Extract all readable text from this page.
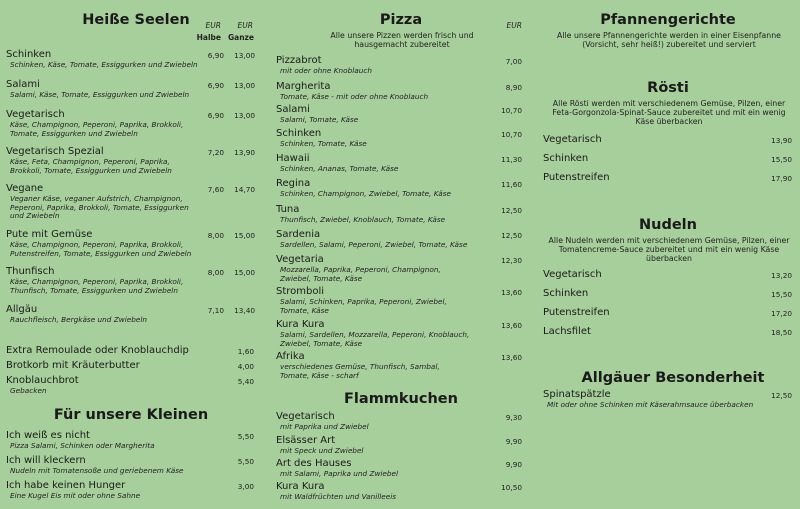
Heiße Seelen	EUR	EUR
Halbe Ganze
Schinken
Schinken, Käse, Tomate, Essiggurken und Zwiebeln
6,90	13,00
Salami
Salami, Käse, Tomate, Essiggurken und Zwiebeln
6,90	13,00
Vegetarisch
Käse, Champignon, Peperoni, Paprika, Brokkoli, Tomate, Essiggurken und Zwiebeln
6,90	13,00
Vegetarisch Spezial
Käse, Feta, Champignon, Peperoni, Paprika, Brokkoli, Tomate, Essiggurken und Zwiebeln
7,20	13,90
Vegane
Veganer Käse, veganer Aufstrich, Champignon, Peperoni, Paprika, Brokkoli, Tomate, Essiggurken und Zwiebeln
7,60	14,70
Pute mit Gemüse
Käse, Champignon, Peperoni, Paprika, Brokkoli, Putenstreifen, Tomate, Essiggurken und Zwiebeln
8,00	15,00
Thunfisch
Käse, Champignon, Peperoni, Paprika, Brokkoli, Thunfisch, Tomate, Essiggurken und Zwiebeln
8,00	15,00
Allgäu
Rauchfleisch, Bergkäse und Zwiebeln
7,10	13,40
Extra Remoulade oder Knoblauchdip	1,60
Brotkorb mit Kräuterbutter	4,00
Knoblauchbrot
Gebacken
5,40
Für unsere Kleinen
Ich weiß es nicht
Pizza Salami, Schinken oder Margherita
5,50
Ich will kleckern
Nudeln mit Tomatensoße und geriebenem Käse
5,50
Ich habe keinen Hunger
Eine Kugel Eis mit oder ohne Sahne
3,00
Pizza	EUR
Alle unsere Pizzen werden frisch und hausgemacht zubereitet
Pizzabrot
mit oder ohne Knoblauch
7,00
Margherita
Tomate, Käse - mit oder ohne Knoblauch
8,90
Salami
Salami, Tomate, Käse
10,70
Schinken
Schinken, Tomate, Käse
10,70
Hawaii
Schinken, Ananas, Tomate, Käse
11,30
Regina
Schinken, Champignon, Zwiebel, Tomate, Käse
11,60
Tuna
Thunfisch, Zwiebel, Knoblauch, Tomate, Käse
12,50
Sardenia
Sardellen, Salami, Peperoni, Zwiebel, Tomate, Käse
12,50
Vegetaria
Mozzarella, Paprika, Peperoni, Champignon, Zwiebel, Tomate, Käse
12,30
Stromboli
Salami, Schinken, Paprika, Peperoni, Zwiebel, Tomate, Käse
13,60
Kura Kura
Salami, Sardellen, Mozzarella, Peperoni, Knoblauch, Zwiebel, Tomate, Käse
13,60
Afrika
verschiedenes Gemüse, Thunfisch, Sambal, Tomate, Käse - scharf
13,60
Flammkuchen
Vegetarisch
mit Paprika und Zwiebel
9,30
Elsässer Art
mit Speck und Zwiebel
9,90
Art des Hauses
mit Salami, Paprika und Zwiebel
9,90
Kura Kura
mit Waldfrüchten und Vanilleeis
10,50
Pfannengerichte
Alle unsere Pfannengerichte werden in einer Eisenpfanne (Vorsicht, sehr heiß!) zubereitet und serviert
Rösti
Alle Rösti werden mit verschiedenem Gemüse, Pilzen, einer Feta-Gorgonzola-Spinat-Sauce zubereitet und mit ein wenig Käse überbacken
Vegetarisch	13,90
Schinken	15,50
Putenstreifen	17,90
Nudeln
Alle Nudeln werden mit verschiedenem Gemüse, Pilzen, einer Tomatencreme-Sauce zubereitet und mit ein wenig Käse überbacken
Vegetarisch	13,20
Schinken	15,50
Putenstreifen	17,20
Lachsfilet	18,50
Allgäuer Besonderheit
Spinatspätzle
Mit oder ohne Schinken mit Käserahmsauce überbacken
12,50
